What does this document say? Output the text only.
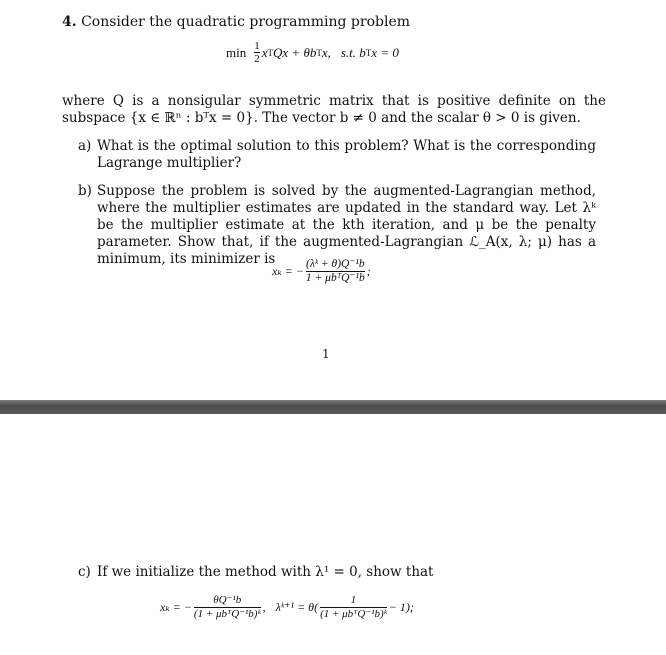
4. Consider the quadratic programming problem
$\min \frac{1}{2}$ x T Qx + θb T x, s.t. b T x = 0
where Q is a nonsigular symmetric matrix that is positive definite on the subspace {x ∈ ℝⁿ : bᵀx = 0}. The vector b ≠ 0 and the scalar θ > 0 is given.
a) What is the optimal solution to this problem? What is the corresponding Lagrange multiplier?
b) Suppose the problem is solved by the augmented-Lagrangian method, where the multiplier estimates are updated in the standard way. Let λᵏ be the multiplier estimate at the kth iteration, and μ be the penalty parameter. Show that, if the augmented-Lagrangian ℒ_A(x, λ; μ) has a minimum, its minimizer is
xₖ = − $\frac{\text{(λᵏ + θ)Q⁻¹b}}{\text{1 + μbᵀQ⁻¹b}}$ ;
1
c) If we initialize the method with λ¹ = 0, show that
xₖ = − $\frac{\text{θQ⁻¹b}}{\text{(1 + μbᵀQ⁻¹b)ᵏ}}$ , λᵏ⁺¹ = $\theta( \frac{1}{\text{(1 + μbᵀQ⁻¹b)ᵏ}} - 1)$;
